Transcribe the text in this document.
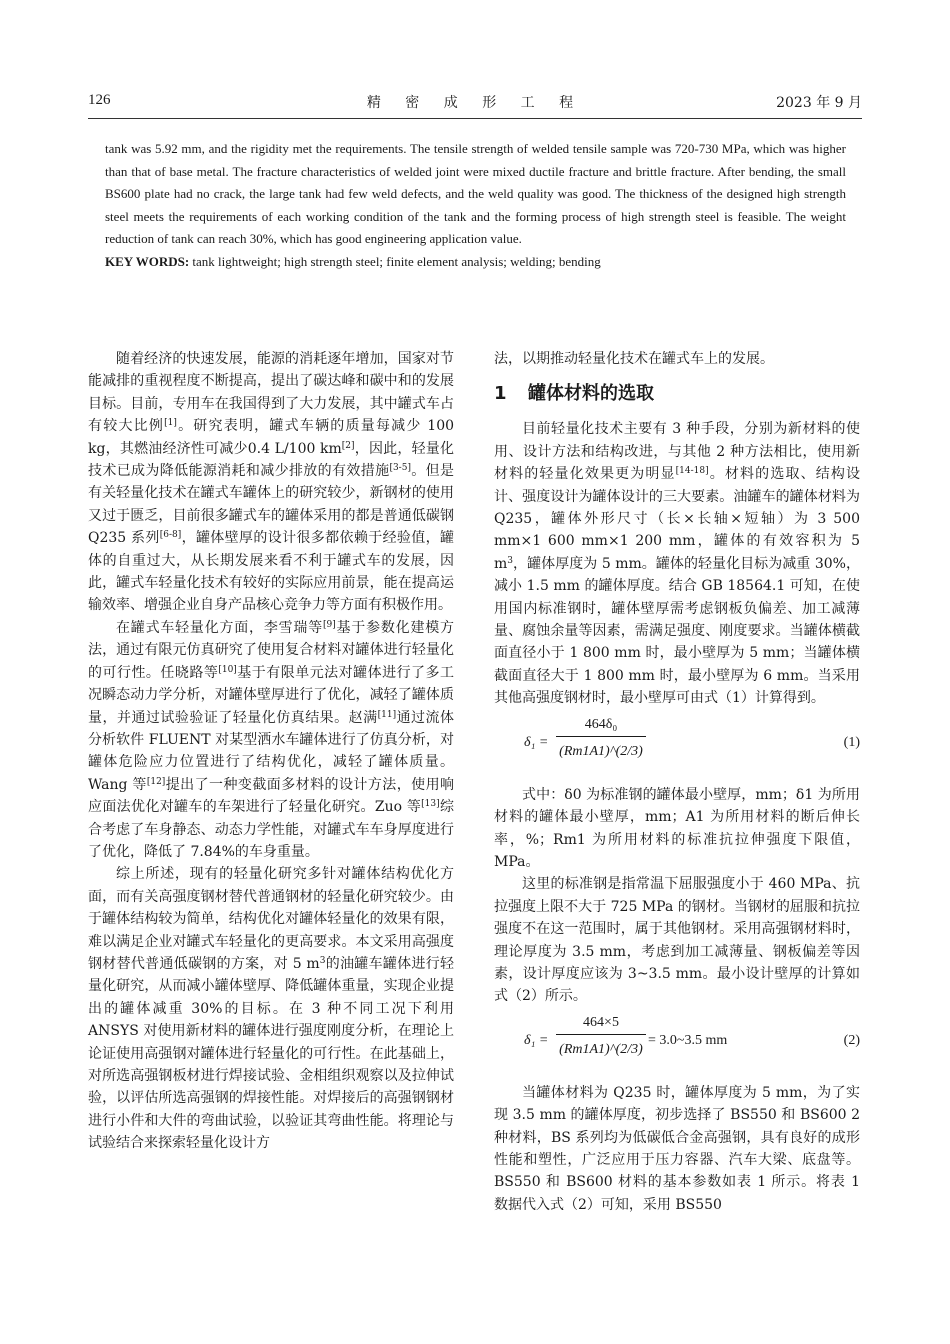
126	精 密 成 形 工 程	2023 年 9 月

tank was 5.92 mm, and the rigidity met the requirements. The tensile strength of welded tensile sample was 720-730 MPa, which was higher than that of base metal. The fracture characteristics of welded joint were mixed ductile fracture and brittle fracture. After bending, the small BS600 plate had no crack, the large tank had few weld defects, and the weld quality was good. The thickness of the designed high strength steel meets the requirements of each working condition of the tank and the forming process of high strength steel is feasible. The weight reduction of tank can reach 30%, which has good engineering application value.

KEY WORDS: tank lightweight; high strength steel; finite element analysis; welding; bending

随着经济的快速发展，能源的消耗逐年增加，国家对节能减排的重视程度不断提高，提出了碳达峰和碳中和的发展目标。目前，专用车在我国得到了大力发展，其中罐式车占有较大比例[1]。研究表明，罐式车辆的质量每减少 100 kg，其燃油经济性可减少0.4 L/100 km[2]，因此，轻量化技术已成为降低能源消耗和减少排放的有效措施[3-5]。但是有关轻量化技术在罐式车罐体上的研究较少，新钢材的使用又过于匮乏，目前很多罐式车的罐体采用的都是普通低碳钢 Q235 系列[6-8]，罐体壁厚的设计很多都依赖于经验值，罐体的自重过大，从长期发展来看不利于罐式车的发展，因此，罐式车轻量化技术有较好的实际应用前景，能在提高运输效率、增强企业自身产品核心竞争力等方面有积极作用。

在罐式车轻量化方面，李雪瑞等[9]基于参数化建模方法，通过有限元仿真研究了使用复合材料对罐体进行轻量化的可行性。任晓路等[10]基于有限单元法对罐体进行了多工况瞬态动力学分析，对罐体壁厚进行了优化，减轻了罐体质量，并通过试验验证了轻量化仿真结果。赵满[11]通过流体分析软件 FLUENT 对某型洒水车罐体进行了仿真分析，对罐体危险应力位置进行了结构优化，减轻了罐体质量。Wang 等[12]提出了一种变截面多材料的设计方法，使用响应面法优化对罐车的车架进行了轻量化研究。Zuo 等[13]综合考虑了车身静态、动态力学性能，对罐式车车身厚度进行了优化，降低了 7.84%的车身重量。

综上所述，现有的轻量化研究多针对罐体结构优化方面，而有关高强度钢材替代普通钢材的轻量化研究较少。由于罐体结构较为简单，结构优化对罐体轻量化的效果有限，难以满足企业对罐式车轻量化的更高要求。本文采用高强度钢材替代普通低碳钢的方案，对 5 $m^3$的油罐车罐体进行轻量化研究，从而减小罐体壁厚、降低罐体重量，实现企业提出的罐体减重 30%的目标。在 3 种不同工况下利用 ANSYS 对使用新材料的罐体进行强度刚度分析，在理论上论证使用高强钢对罐体进行轻量化的可行性。在此基础上，对所选高强钢板材进行焊接试验、金相组织观察以及拉伸试验，以评估所选高强钢的焊接性能。对焊接后的高强钢钢材进行小件和大件的弯曲试验，以验证其弯曲性能。将理论与试验结合来探索轻量化设计方

法，以期推动轻量化技术在罐式车上的发展。

1 罐体材料的选取

目前轻量化技术主要有 3 种手段，分别为新材料的使用、设计方法和结构改进，与其他 2 种方法相比，使用新材料的轻量化效果更为明显[14-18]。材料的选取、结构设计、强度设计为罐体设计的三大要素。油罐车的罐体材料为 Q235，罐体外形尺寸（长×长轴×短轴）为 3 500 mm×1 600 mm×1 200 mm，罐体的有效容积为 5 $m^3$，罐体厚度为 5 mm。罐体的轻量化目标为减重 30%，减小 1.5 mm 的罐体厚度。结合 GB 18564.1 可知，在使用国内标准钢时，罐体壁厚需考虑钢板负偏差、加工减薄量、腐蚀余量等因素，需满足强度、刚度要求。当罐体横截面直径小于 1 800 mm 时，最小壁厚为 5 mm；当罐体横截面直径大于 1 800 mm 时，最小壁厚为 6 mm。当采用其他高强度钢材时，最小壁厚可由式（1）计算得到。

δ₁ =
464δ₀
(Rm1A1)^(2/3)
(1)

式中：δ0 为标准钢的罐体最小壁厚，mm；δ1 为所用材料的罐体最小壁厚，mm；A1 为所用材料的断后伸长率，%；Rm1 为所用材料的标准抗拉伸强度下限值，MPa。

这里的标准钢是指常温下屈服强度小于 460 MPa、抗拉强度上限不大于 725 MPa 的钢材。当钢材的屈服和抗拉强度不在这一范围时，属于其他钢材。采用高强钢材料时，理论厚度为 3.5 mm，考虑到加工减薄量、钢板偏差等因素，设计厚度应该为 3~3.5 mm。最小设计壁厚的计算如式（2）所示。

δ₁ =
464×5
(Rm1A1)^(2/3)
= 3.0~3.5 mm	(2)

当罐体材料为 Q235 时，罐体厚度为 5 mm，为了实现 3.5 mm 的罐体厚度，初步选择了 BS550 和 BS600 2 种材料，BS 系列均为低碳低合金高强钢，具有良好的成形性能和塑性，广泛应用于压力容器、汽车大梁、底盘等。BS550 和 BS600 材料的基本参数如表 1 所示。将表 1 数据代入式（2）可知，采用 BS550
